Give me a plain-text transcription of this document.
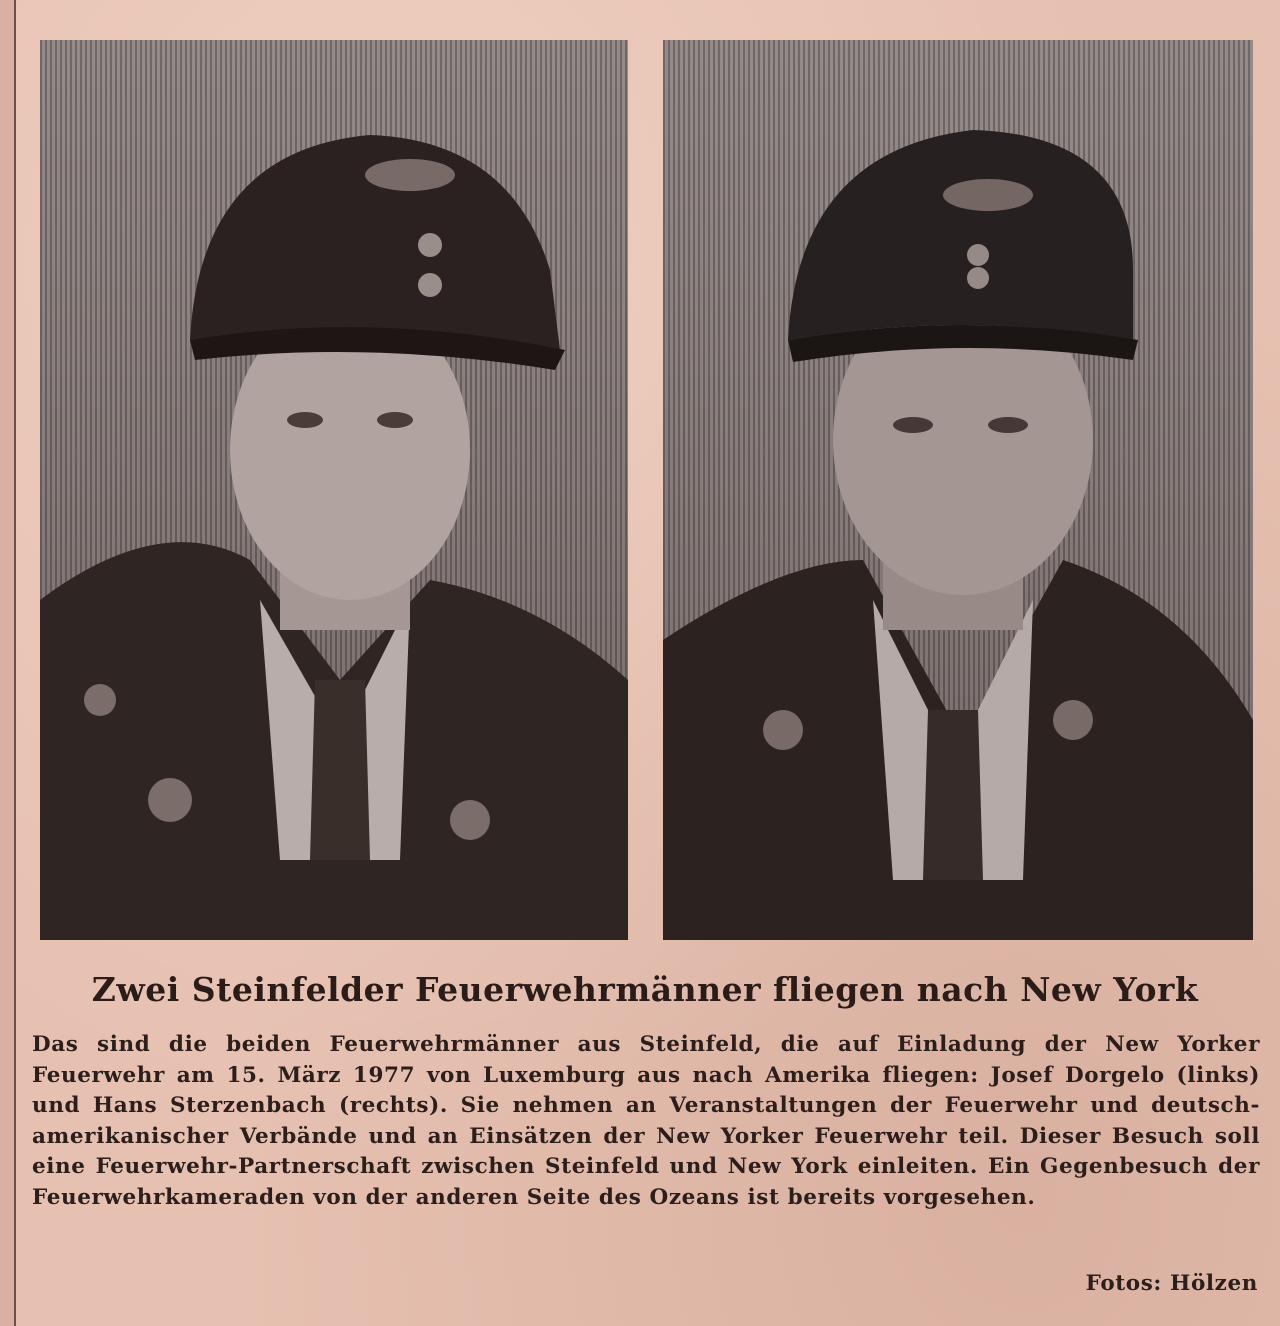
Zwei Steinfelder Feuerwehrmänner fliegen nach New York
Das sind die beiden Feuerwehrmänner aus Steinfeld, die auf Einladung der New Yorker Feuerwehr am 15. März 1977 von Luxemburg aus nach Amerika fliegen: Josef Dorgelo (links) und Hans Sterzenbach (rechts). Sie nehmen an Veranstaltungen der Feuerwehr und deutsch-amerikanischer Verbände und an Einsätzen der New Yorker Feuerwehr teil. Dieser Besuch soll eine Feuerwehr-Partnerschaft zwischen Steinfeld und New York einleiten. Ein Gegenbesuch der Feuerwehrkameraden von der anderen Seite des Ozeans ist bereits vorgesehen.
Fotos: Hölzen
